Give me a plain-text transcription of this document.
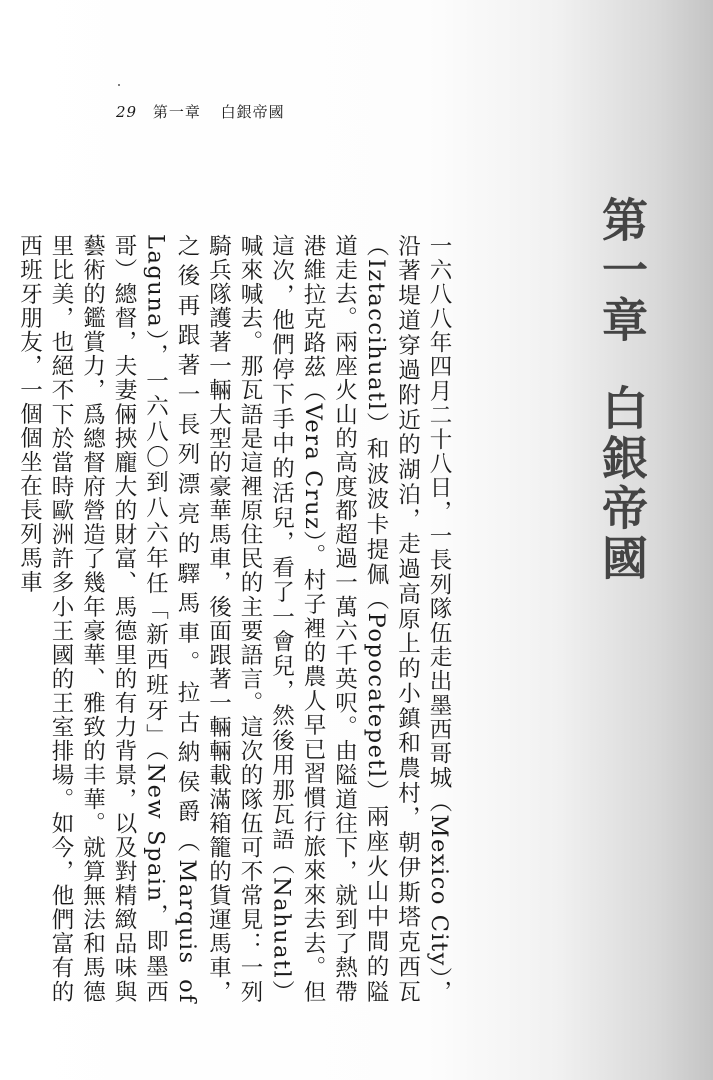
29 第一章 白銀帝國
第一章
白銀帝國

一六八八年四月二十八日，一長列隊伍走出墨西哥城（Mexico City），沿著堤道穿過附近的湖泊，走過高原上的小鎮和農村，朝伊斯塔克西瓦（Iztaccihuatl）和波波卡提佩（Popocatepetl）兩座火山中間的隘道走去。兩座火山的高度都超過一萬六千英呎。由隘道往下，就到了熱帶港維拉克路茲（Vera Cruz）。村子裡的農人早已習慣行旅來來去去。但這次，他們停下手中的活兒，看了一會兒，然後用那瓦語（Nahuatl）喊來喊去。那瓦語是這裡原住民的主要語言。這次的隊伍可不常見：一列騎兵隊護著一輛大型的豪華馬車，後面跟著一輛輛載滿箱籠的貨運馬車，之後再跟著一長列漂亮的驛馬車。拉古納侯爵（Marquis of Laguna），一六八〇到八六年任「新西班牙」（New Spain，即墨西哥）總督，夫妻倆挾龐大的財富、馬德里的有力背景，以及對精緻品味與藝術的鑑賞力，爲總督府營造了幾年豪華、雅致的丰華。就算無法和馬德里比美，也絕不下於當時歐洲許多小王國的王室排場。如今，他們富有的西班牙朋友，一個個坐在長列馬車
